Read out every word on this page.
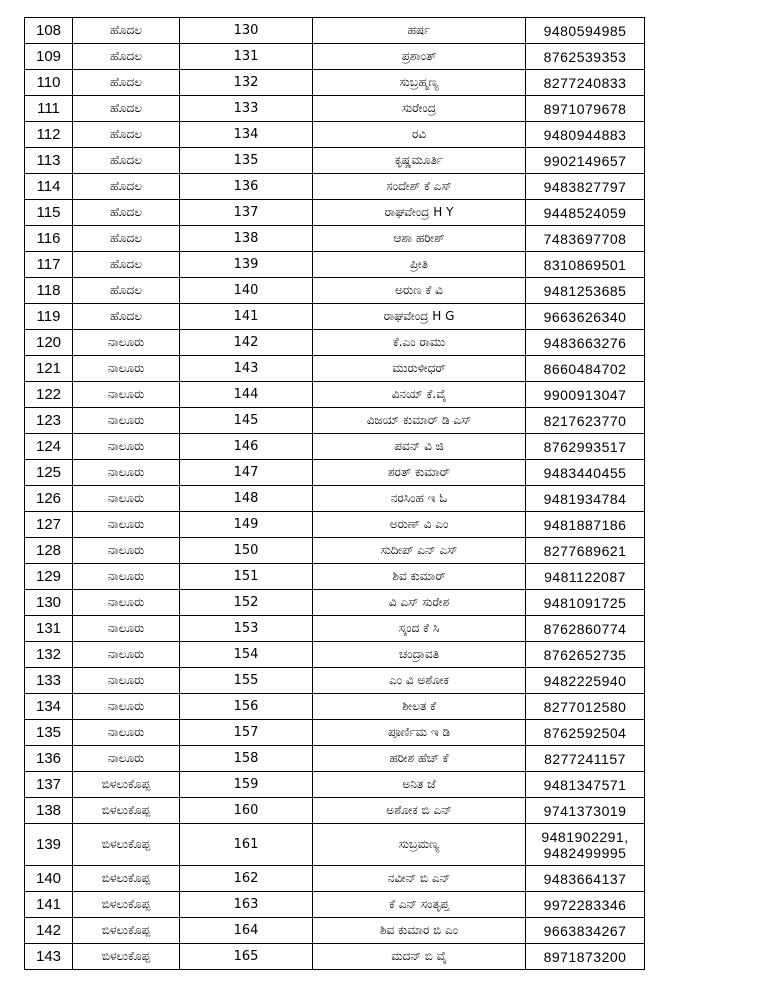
108	ಹೊದಲ	130	ಹರ್ಷ	9480594985
109	ಹೊದಲ	131	ಪ್ರಶಾಂತ್	8762539353
110	ಹೊದಲ	132	ಸುಬ್ರಹ್ಮಣ್ಯ	8277240833
111	ಹೊದಲ	133	ಸುರೇಂದ್ರ	8971079678
112	ಹೊದಲ	134	ರವಿ	9480944883
113	ಹೊದಲ	135	ಕೃಷ್ಣಮೂರ್ತಿ	9902149657
114	ಹೊದಲ	136	ಸಂದೇಶ್ ಕೆ ಎಸ್	9483827797
115	ಹೊದಲ	137	ರಾಘವೇಂದ್ರ H Y	9448524059
116	ಹೊದಲ	138	ಆಶಾ ಹರೀಶ್	7483697708
117	ಹೊದಲ	139	ಪ್ರೀತಿ	8310869501
118	ಹೊದಲ	140	ಅರುಣ ಕೆ ವಿ	9481253685
119	ಹೊದಲ	141	ರಾಘವೇಂದ್ರ H G	9663626340
120	ನಾಲೂರು	142	ಕೆ.ಎಂ ರಾಮು	9483663276
121	ನಾಲೂರು	143	ಮುರುಳೀಧರ್	8660484702
122	ನಾಲೂರು	144	ವಿನಯ್ ಕೆ.ವೈ	9900913047
123	ನಾಲೂರು	145	ವಿಜಯ್ ಕುಮಾರ್ ಡಿ ಎಸ್	8217623770
124	ನಾಲೂರು	146	ಪವನ್ ವಿ ಜಿ	8762993517
125	ನಾಲೂರು	147	ಶರತ್ ಕುಮಾರ್	9483440455
126	ನಾಲೂರು	148	ನರಸಿಂಹ ಇ ಓ	9481934784
127	ನಾಲೂರು	149	ಅರುಣ್ ವಿ ಎಂ	9481887186
128	ನಾಲೂರು	150	ಸುದೀಪ್ ಎನ್ ಎಸ್	8277689621
129	ನಾಲೂರು	151	ಶಿವ ಕುಮಾರ್	9481122087
130	ನಾಲೂರು	152	ವಿ ಎಸ್ ಸುರೇಶ	9481091725
131	ನಾಲೂರು	153	ಸ್ಕಂದ ಕೆ ಸಿ	8762860774
132	ನಾಲೂರು	154	ಚಂದ್ರಾವತಿ	8762652735
133	ನಾಲೂರು	155	ಎಂ ವಿ ಅಶೋಕ	9482225940
134	ನಾಲೂರು	156	ಶೀಲತ ಕೆ	8277012580
135	ನಾಲೂರು	157	ಪೂರ್ಣಿಮ ಇ ಡಿ	8762592504
136	ನಾಲೂರು	158	ಹರೀಶ ಹೆಚ್ ಕೆ	8277241157
137	ಬಿಳಲುಕೊಪ್ಪ	159	ಅನಿತ ಜೆ	9481347571
138	ಬಿಳಲುಕೊಪ್ಪ	160	ಅಶೋಕ ಬಿ ಎನ್	9741373019
139	ಬಿಳಲುಕೊಪ್ಪ	161	ಸುಬ್ರಮಣ್ಯ	9481902291, 9482499995
140	ಬಿಳಲುಕೊಪ್ಪ	162	ನವೀನ್ ಬಿ ಎನ್	9483664137
141	ಬಿಳಲುಕೊಪ್ಪ	163	ಕೆ ಎನ್ ಸಂತೃಪ್ತ	9972283346
142	ಬಿಳಲುಕೊಪ್ಪ	164	ಶಿವ ಕುಮಾರ ಬಿ ಎಂ	9663834267
143	ಬಿಳಲುಕೊಪ್ಪ	165	ಮದನ್ ಬಿ ವೈ	8971873200
